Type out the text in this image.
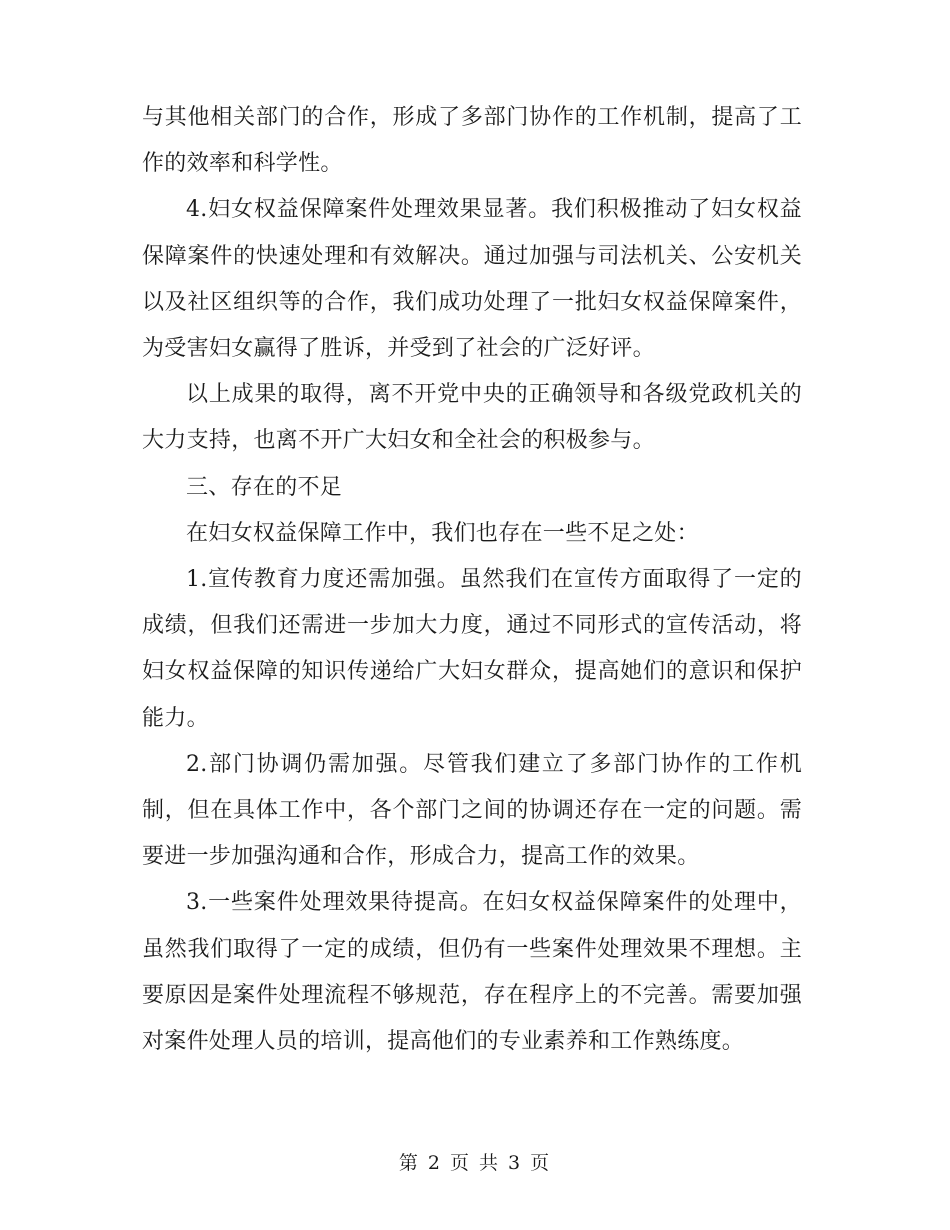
与其他相关部门的合作，形成了多部门协作的工作机制，提高了工作的效率和科学性。

4.妇女权益保障案件处理效果显著。我们积极推动了妇女权益保障案件的快速处理和有效解决。通过加强与司法机关、公安机关以及社区组织等的合作，我们成功处理了一批妇女权益保障案件，为受害妇女赢得了胜诉，并受到了社会的广泛好评。

以上成果的取得，离不开党中央的正确领导和各级党政机关的大力支持，也离不开广大妇女和全社会的积极参与。

三、存在的不足

在妇女权益保障工作中，我们也存在一些不足之处：

1.宣传教育力度还需加强。虽然我们在宣传方面取得了一定的成绩，但我们还需进一步加大力度，通过不同形式的宣传活动，将妇女权益保障的知识传递给广大妇女群众，提高她们的意识和保护能力。

2.部门协调仍需加强。尽管我们建立了多部门协作的工作机制，但在具体工作中，各个部门之间的协调还存在一定的问题。需要进一步加强沟通和合作，形成合力，提高工作的效果。

3.一些案件处理效果待提高。在妇女权益保障案件的处理中，虽然我们取得了一定的成绩，但仍有一些案件处理效果不理想。主要原因是案件处理流程不够规范，存在程序上的不完善。需要加强对案件处理人员的培训，提高他们的专业素养和工作熟练度。

第 2 页 共 3 页
